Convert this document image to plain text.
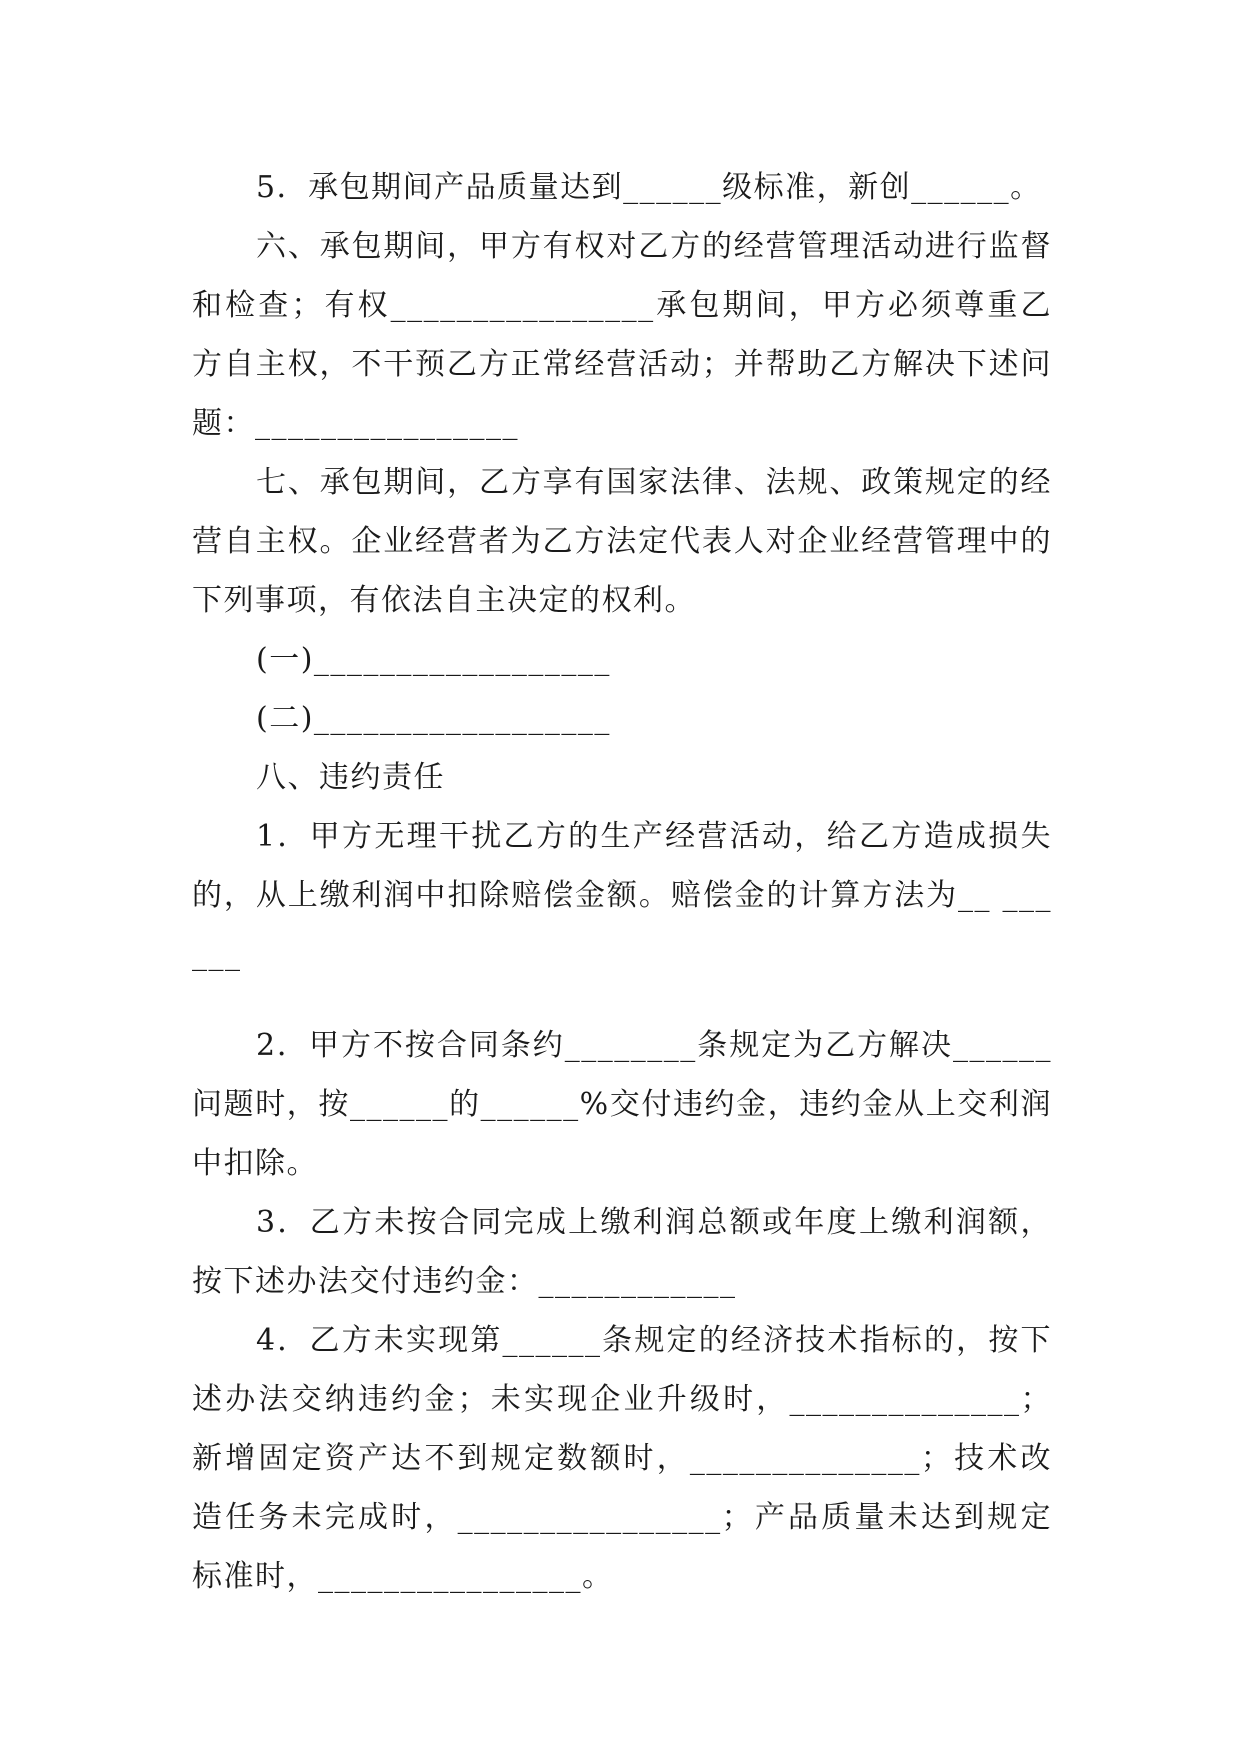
5．承包期间产品质量达到______级标准，新创______。

六、承包期间，甲方有权对乙方的经营管理活动进行监督和检查；有权________________承包期间，甲方必须尊重乙方自主权，不干预乙方正常经营活动；并帮助乙方解决下述问题：________________

七、承包期间，乙方享有国家法律、法规、政策规定的经营自主权。企业经营者为乙方法定代表人对企业经营管理中的下列事项，有依法自主决定的权利。

(一)__________________

(二)__________________

八、违约责任

1．甲方无理干扰乙方的生产经营活动，给乙方造成损失的，从上缴利润中扣除赔偿金额。赔偿金的计算方法为__ ______

2．甲方不按合同条约________条规定为乙方解决______问题时，按______的______%交付违约金，违约金从上交利润中扣除。

3．乙方未按合同完成上缴利润总额或年度上缴利润额，按下述办法交付违约金：____________

4．乙方未实现第______条规定的经济技术指标的，按下述办法交纳违约金；未实现企业升级时，______________；新增固定资产达不到规定数额时，______________；技术改造任务未完成时，________________；产品质量未达到规定标准时，________________。
